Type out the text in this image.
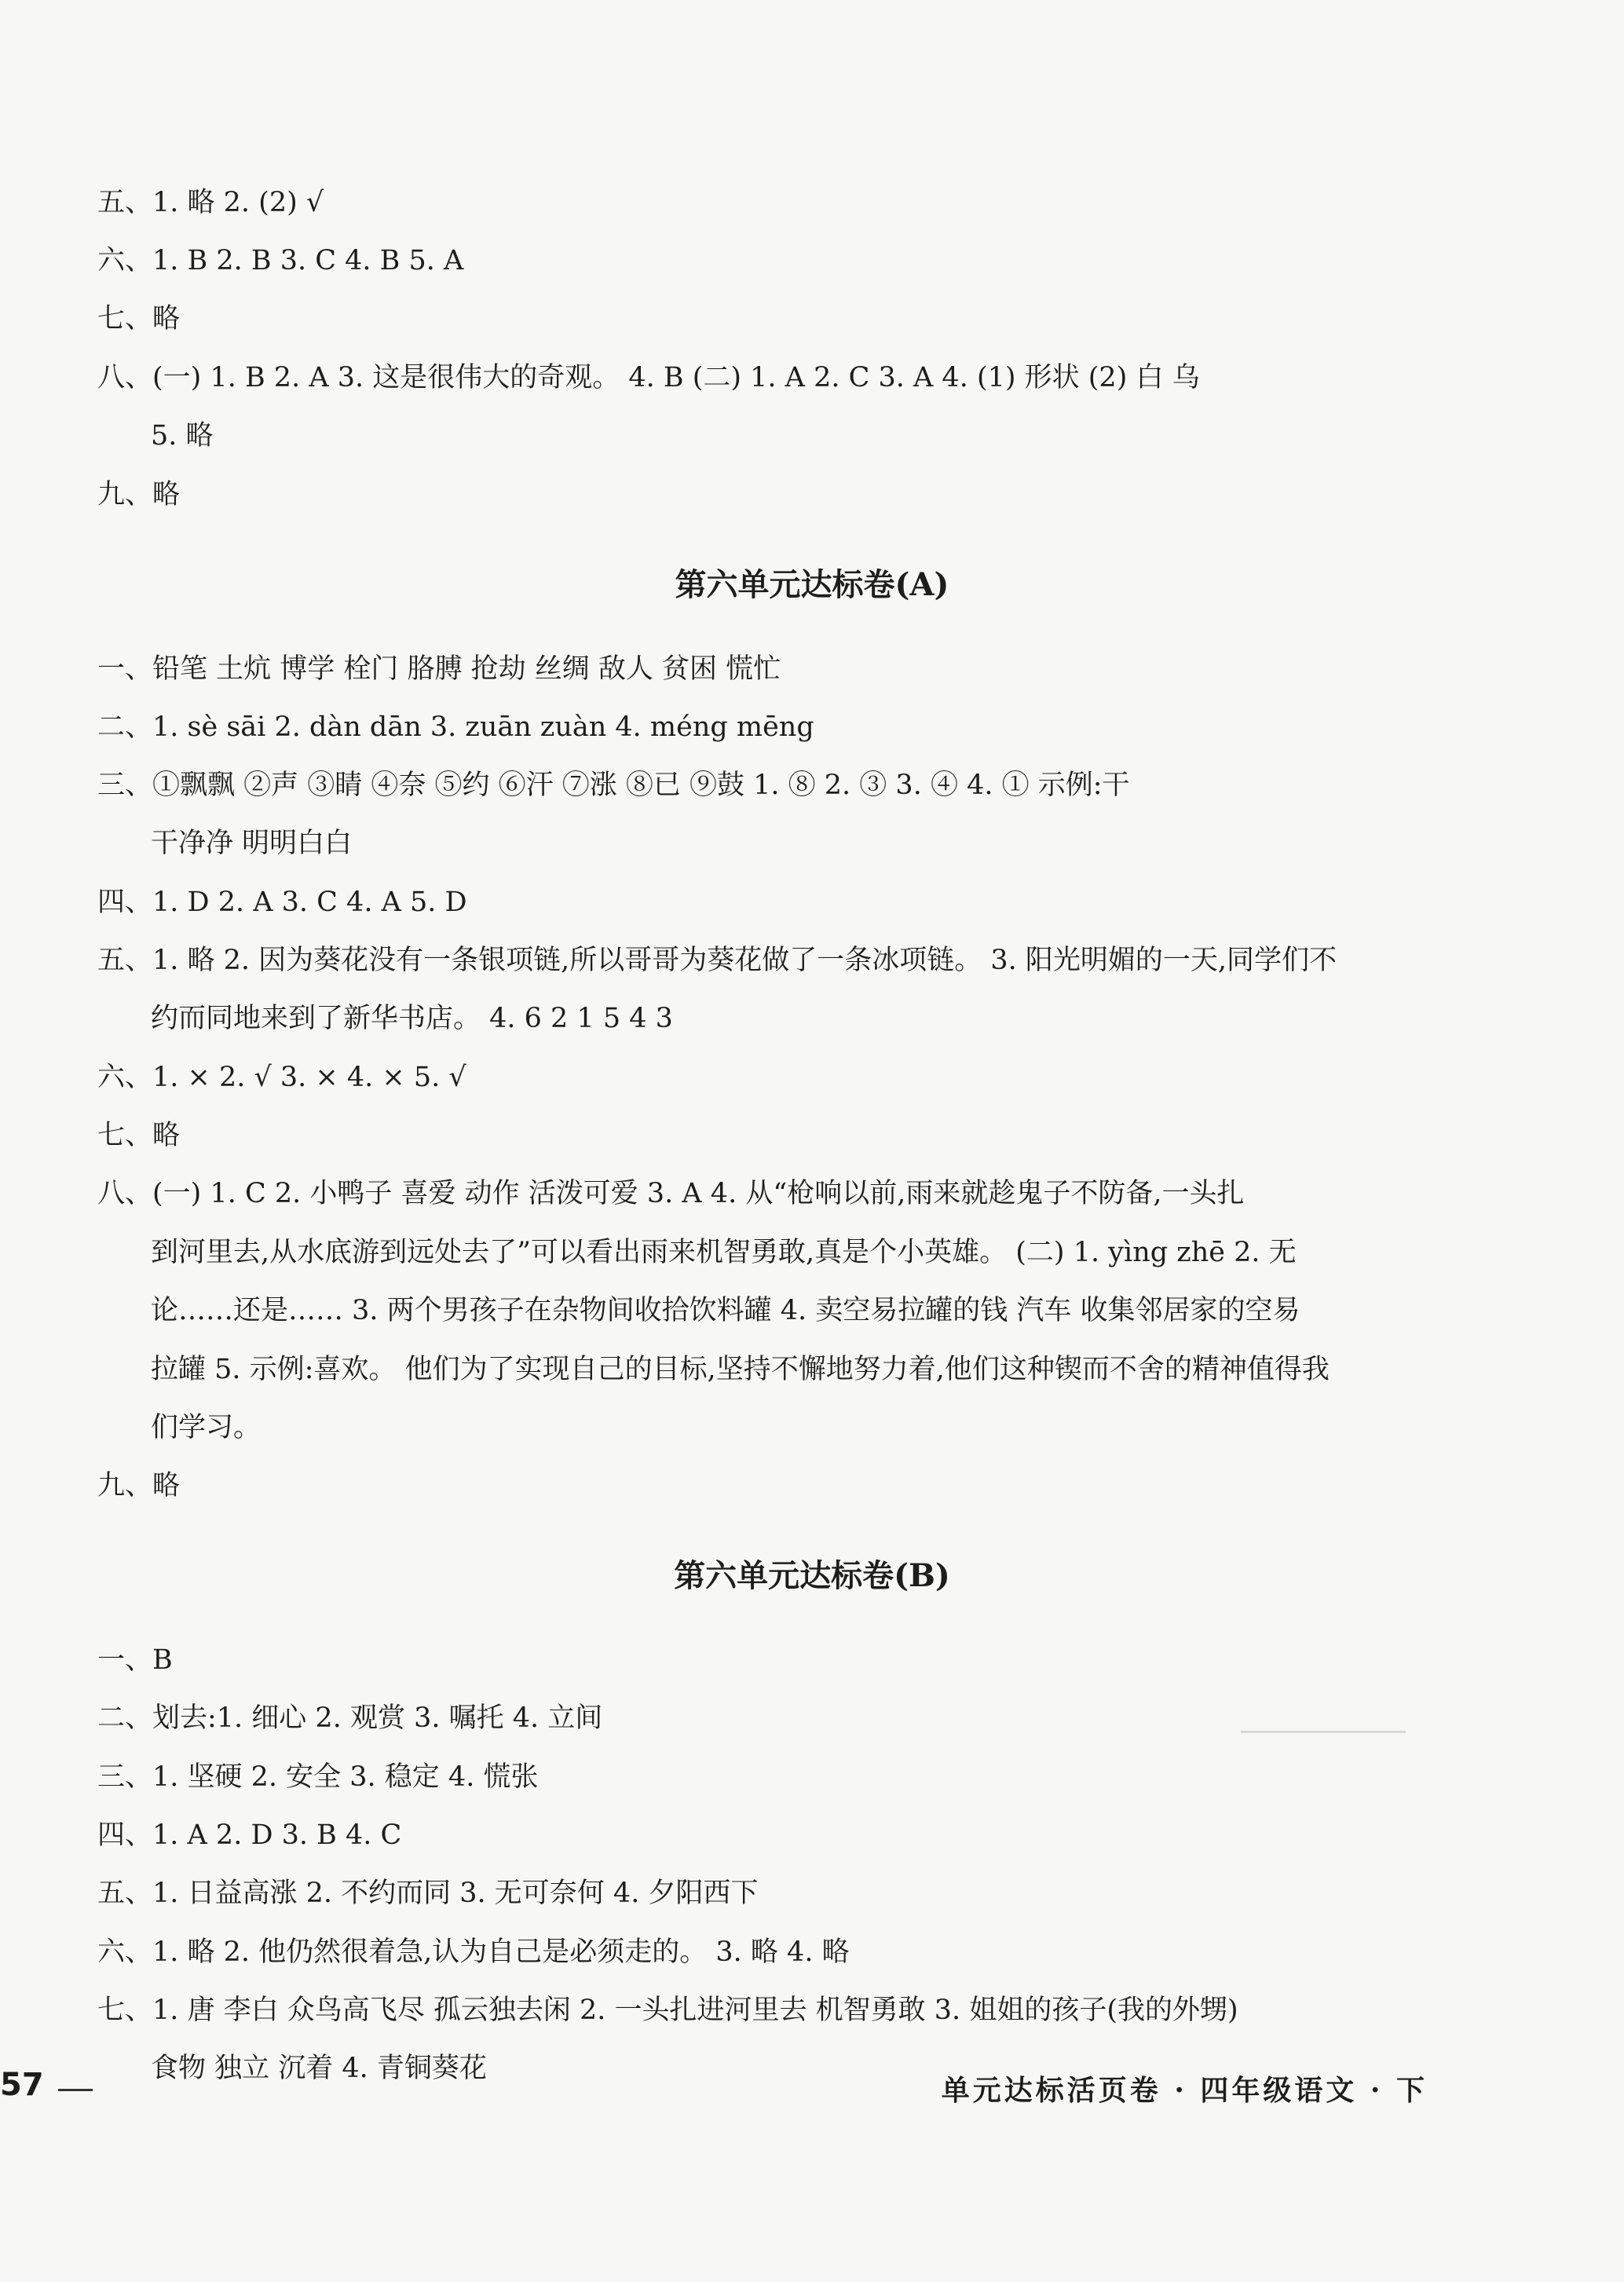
五、1. 略 2. (2) √
六、1. B 2. B 3. C 4. B 5. A
七、略
八、(一) 1. B 2. A 3. 这是很伟大的奇观。 4. B (二) 1. A 2. C 3. A 4. (1) 形状 (2) 白 乌
5. 略
九、略
第六单元达标卷(A)
一、铅笔 土炕 博学 栓门 胳膊 抢劫 丝绸 敌人 贫困 慌忙
二、1. sè sāi 2. dàn dān 3. zuān zuàn 4. méng mēng
三、①飘飘 ②声 ③睛 ④奈 ⑤约 ⑥汗 ⑦涨 ⑧已 ⑨鼓 1. ⑧ 2. ③ 3. ④ 4. ① 示例:干
干净净 明明白白
四、1. D 2. A 3. C 4. A 5. D
五、1. 略 2. 因为葵花没有一条银项链,所以哥哥为葵花做了一条冰项链。 3. 阳光明媚的一天,同学们不
约而同地来到了新华书店。 4. 6 2 1 5 4 3
六、1. × 2. √ 3. × 4. × 5. √
七、略
八、(一) 1. C 2. 小鸭子 喜爱 动作 活泼可爱 3. A 4. 从“枪响以前,雨来就趁鬼子不防备,一头扎
到河里去,从水底游到远处去了”可以看出雨来机智勇敢,真是个小英雄。 (二) 1. yìng zhē 2. 无
论……还是…… 3. 两个男孩子在杂物间收拾饮料罐 4. 卖空易拉罐的钱 汽车 收集邻居家的空易
拉罐 5. 示例:喜欢。 他们为了实现自己的目标,坚持不懈地努力着,他们这种锲而不舍的精神值得我
们学习。
九、略
第六单元达标卷(B)
一、B
二、划去:1. 细心 2. 观赏 3. 嘱托 4. 立间
三、1. 坚硬 2. 安全 3. 稳定 4. 慌张
四、1. A 2. D 3. B 4. C
五、1. 日益高涨 2. 不约而同 3. 无可奈何 4. 夕阳西下
六、1. 略 2. 他仍然很着急,认为自己是必须走的。 3. 略 4. 略
七、1. 唐 李白 众鸟高飞尽 孤云独去闲 2. 一头扎进河里去 机智勇敢 3. 姐姐的孩子(我的外甥)
食物 独立 沉着 4. 青铜葵花
57	单元达标活页卷 · 四年级语文 · 下
